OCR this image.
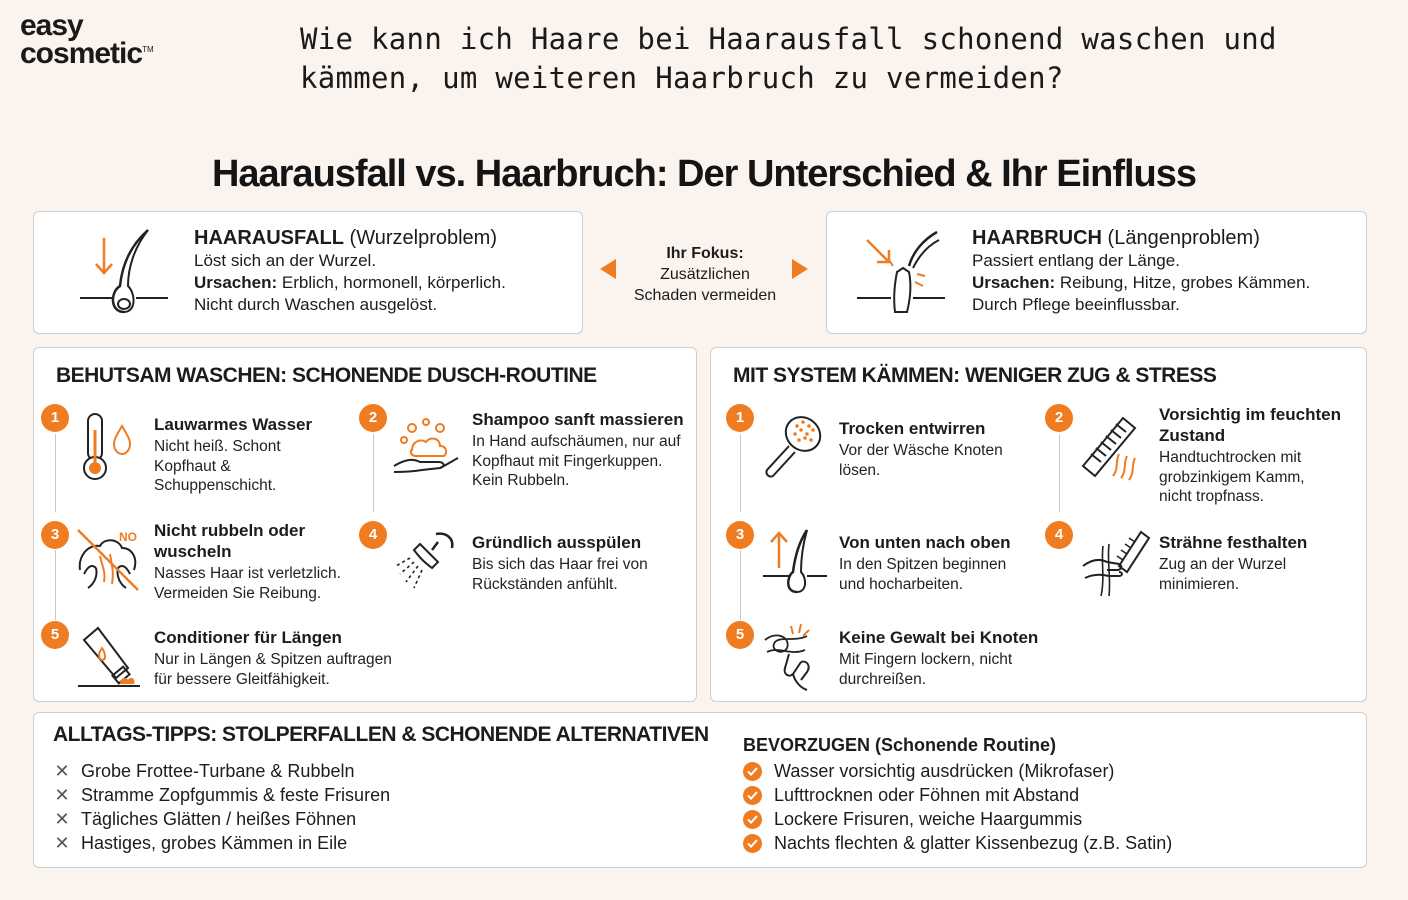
easy
cosmetic™	Wie kann ich Haare bei Haarausfall schonend waschen und kämmen, um weiteren Haarbruch zu vermeiden?
Haarausfall vs. Haarbruch: Der Unterschied & Ihr Einfluss
HAARAUSFALL (Wurzelproblem)
Löst sich an der Wurzel.
Ursachen: Erblich, hormonell, körperlich.
Nicht durch Waschen ausgelöst.
Ihr Fokus:
Zusätzlichen
Schaden vermeiden
HAARBRUCH (Längenproblem)
Passiert entlang der Länge.
Ursachen: Reibung, Hitze, grobes Kämmen.
Durch Pflege beeinflussbar.
BEHUTSAM WASCHEN: SCHONENDE DUSCH-ROUTINE
1	Lauwarmes Wasser
Nicht heiß. Schont
Kopfhaut &
Schuppenschicht.
2	Shampoo sanft massieren
In Hand aufschäumen, nur auf
Kopfhaut mit Fingerkuppen.
Kein Rubbeln.
3	NO Nicht rubbeln oder
wuscheln
Nasses Haar ist verletzlich.
Vermeiden Sie Reibung.
4	Gründlich ausspülen
Bis sich das Haar frei von
Rückständen anfühlt.
5	Conditioner für Längen
Nur in Längen & Spitzen auftragen
für bessere Gleitfähigkeit.
MIT SYSTEM KÄMMEN: WENIGER ZUG & STRESS
1
Trocken entwirren
Vor der Wäsche Knoten
lösen.
2	Vorsichtig im feuchten
Zustand
Handtuchtrocken mit
grobzinkigem Kamm,
nicht tropfnass.
3	Von unten nach oben
In den Spitzen beginnen
und hocharbeiten.
4	Strähne festhalten
Zug an der Wurzel
minimieren.
5	Keine Gewalt bei Knoten
Mit Fingern lockern, nicht
durchreißen.
ALLTAGS-TIPPS: STOLPERFALLEN & SCHONENDE ALTERNATIVEN
✕ Grobe Frottee-Turbane & Rubbeln
✕ Stramme Zopfgummis & feste Frisuren
✕ Tägliches Glätten / heißes Föhnen
✕ Hastiges, grobes Kämmen in Eile
BEVORZUGEN (Schonende Routine)
Wasser vorsichtig ausdrücken (Mikrofaser)
Lufttrocknen oder Föhnen mit Abstand
Lockere Frisuren, weiche Haargummis
Nachts flechten & glatter Kissenbezug (z.B. Satin)
